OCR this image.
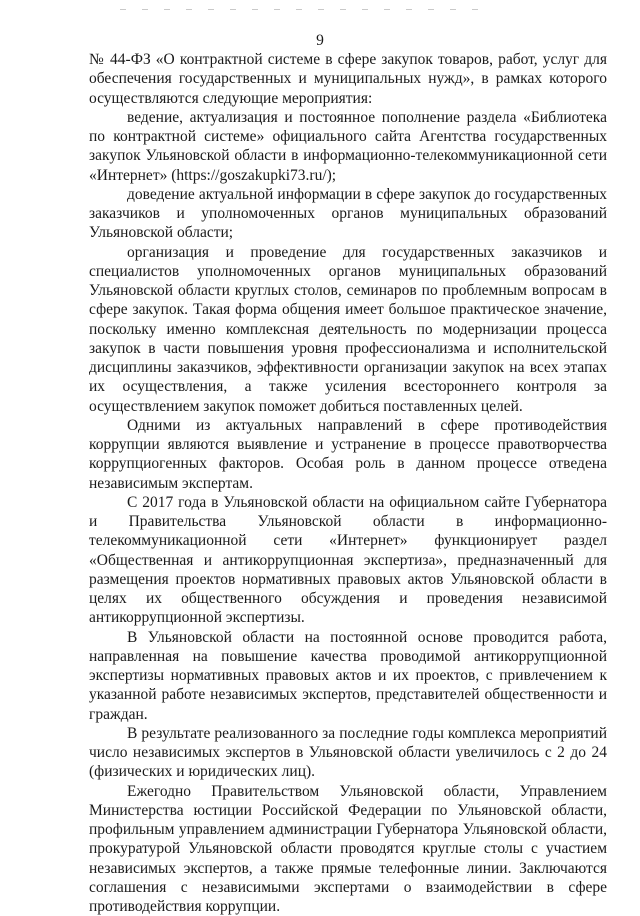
9

№ 44-ФЗ «О контрактной системе в сфере закупок товаров, работ, услуг для обеспечения государственных и муниципальных нужд», в рамках которого осуществляются следующие мероприятия:

ведение, актуализация и постоянное пополнение раздела «Библиотека по контрактной системе» официального сайта Агентства государственных закупок Ульяновской области в информационно-телекоммуникационной сети «Интернет» (https://goszakupki73.ru/);

доведение актуальной информации в сфере закупок до государственных заказчиков и уполномоченных органов муниципальных образований Ульяновской области;

организация и проведение для государственных заказчиков и специалистов уполномоченных органов муниципальных образований Ульяновской области круглых столов, семинаров по проблемным вопросам в сфере закупок. Такая форма общения имеет большое практическое значение, поскольку именно комплексная деятельность по модернизации процесса закупок в части повышения уровня профессионализма и исполнительской дисциплины заказчиков, эффективности организации закупок на всех этапах их осуществления, а также усиления всестороннего контроля за осуществлением закупок поможет добиться поставленных целей.

Одними из актуальных направлений в сфере противодействия коррупции являются выявление и устранение в процессе правотворчества коррупциогенных факторов. Особая роль в данном процессе отведена независимым экспертам.

С 2017 года в Ульяновской области на официальном сайте Губернатора и Правительства Ульяновской области в информационно-телекоммуникационной сети «Интернет» функционирует раздел «Общественная и антикоррупционная экспертиза», предназначенный для размещения проектов нормативных правовых актов Ульяновской области в целях их общественного обсуждения и проведения независимой антикоррупционной экспертизы.

В Ульяновской области на постоянной основе проводится работа, направленная на повышение качества проводимой антикоррупционной экспертизы нормативных правовых актов и их проектов, с привлечением к указанной работе независимых экспертов, представителей общественности и граждан.

В результате реализованного за последние годы комплекса мероприятий число независимых экспертов в Ульяновской области увеличилось с 2 до 24 (физических и юридических лиц).

Ежегодно Правительством Ульяновской области, Управлением Министерства юстиции Российской Федерации по Ульяновской области, профильным управлением администрации Губернатора Ульяновской области, прокуратурой Ульяновской области проводятся круглые столы с участием независимых экспертов, а также прямые телефонные линии. Заключаются соглашения с независимыми экспертами о взаимодействии в сфере противодействия коррупции.
